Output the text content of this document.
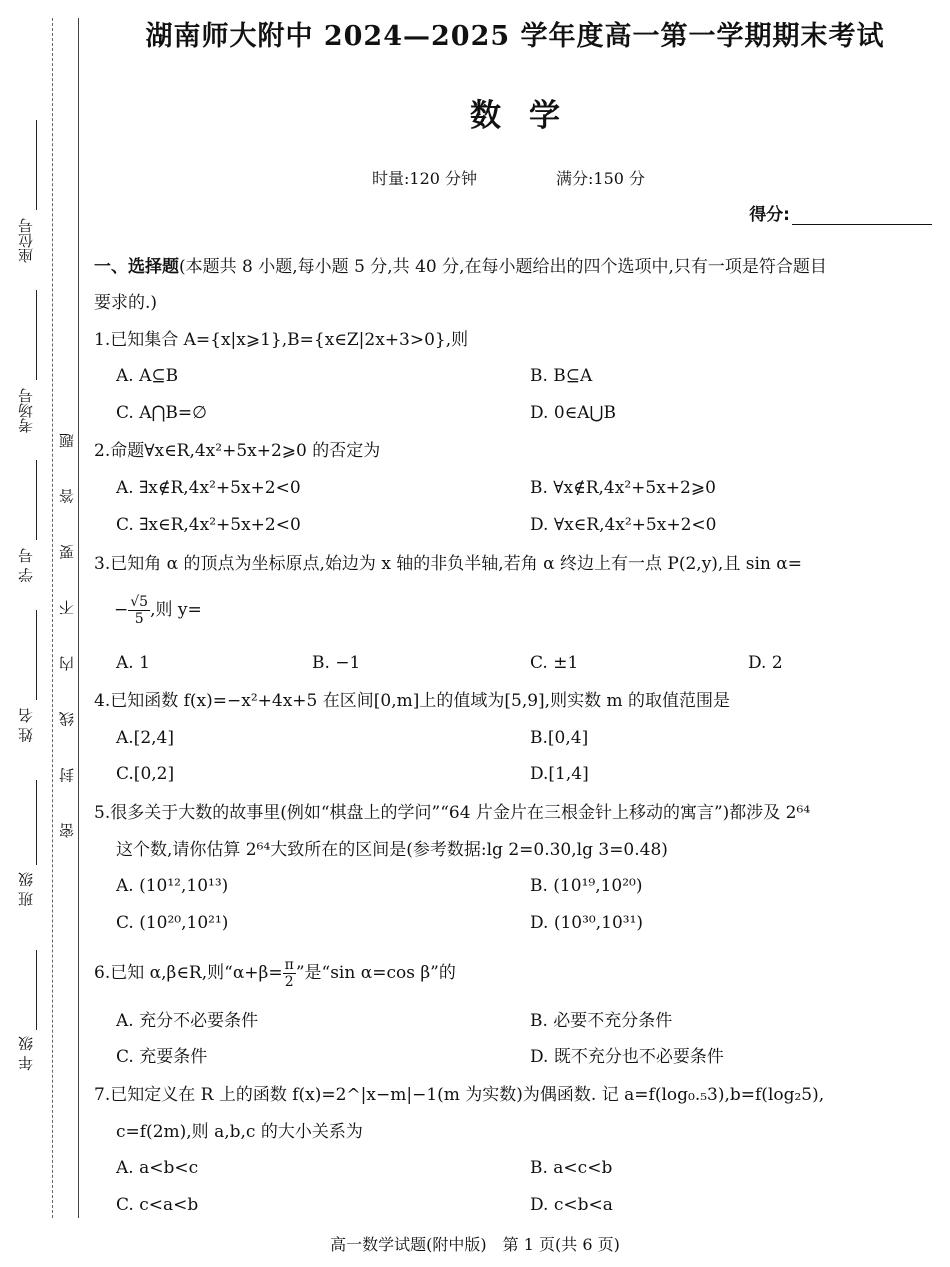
座位号
考场号
学 号
姓 名
班 级
年 级
密 封 线 内 不 要 答 题
湖南师大附中 2024—2025 学年度高一第一学期期末考试
数学
时量:120 分钟	满分:150 分
得分:
一、选择题(本题共 8 小题,每小题 5 分,共 40 分,在每小题给出的四个选项中,只有一项是符合题目
要求的.)
1.已知集合 A={x|x⩾1},B={x∈Z|2x+3>0},则
A. A⊆B	B. B⊆A
C. A⋂B=∅	D. 0∈A⋃B
2.命题∀x∈R,4x²+5x+2⩾0 的否定为
A. ∃x∉R,4x²+5x+2<0	B. ∀x∉R,4x²+5x+2⩾0
C. ∃x∈R,4x²+5x+2<0	D. ∀x∈R,4x²+5x+2<0
3.已知角 α 的顶点为坐标原点,始边为 x 轴的非负半轴,若角 α 终边上有一点 P(2,y),且 sin α=
− $\frac{√5}{5}$ ,则 y=
A. 1	B. −1	C. ±1	D. 2
4.已知函数 f(x)=−x²+4x+5 在区间[0,m]上的值域为[5,9],则实数 m 的取值范围是
A.[2,4]	B.[0,4]
C.[0,2]	D.[1,4]
5.很多关于大数的故事里(例如“棋盘上的学问”“64 片金片在三根金针上移动的寓言”)都涉及 2⁶⁴
这个数,请你估算 2⁶⁴大致所在的区间是(参考数据:lg 2=0.30,lg 3=0.48)
A. (10¹²,10¹³)	B. (10¹⁹,10²⁰)
C. (10²⁰,10²¹)	D. (10³⁰,10³¹)
6.已知 α,β∈R,则“$\alpha+\beta= \frac{\pi}{2}$ ”是“sin α=cos β”的
A. 充分不必要条件	B. 必要不充分条件
C. 充要条件	D. 既不充分也不必要条件
7.已知定义在 R 上的函数 f(x)=2^|x−m|−1(m 为实数)为偶函数. 记 a=f(log₀.₅3),b=f(log₂5),
c=f(2m),则 a,b,c 的大小关系为
A. a<b<c	B. a<c<b
C. c<a<b	D. c<b<a
高一数学试题(附中版)　第 1 页(共 6 页)
